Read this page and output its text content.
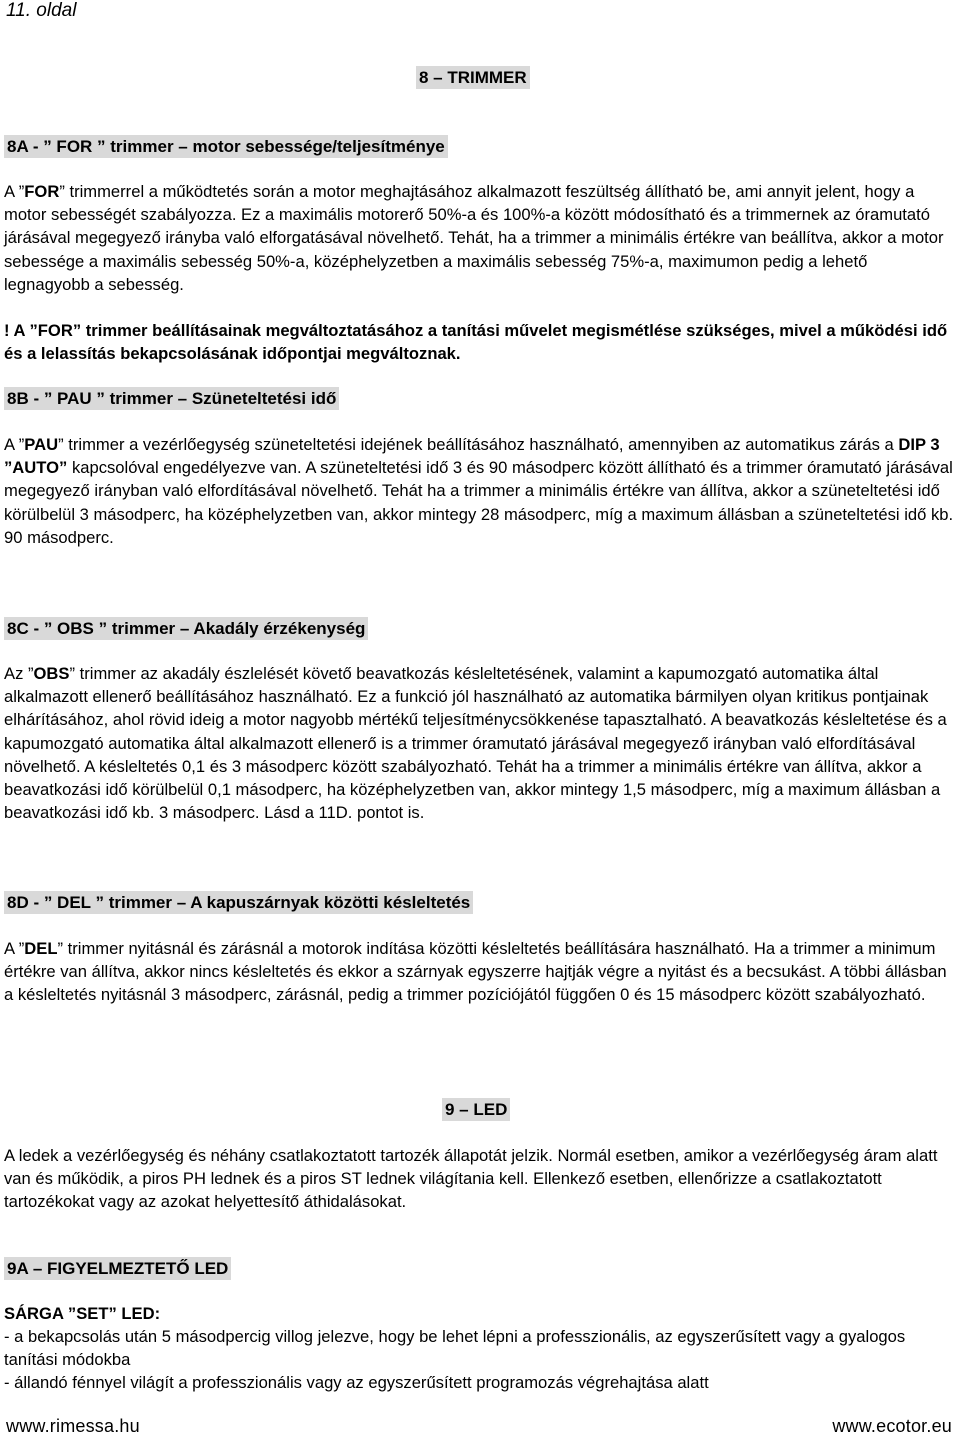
11. oldal
8 – TRIMMER
8A - ” FOR ” trimmer – motor sebessége/teljesítménye
A ”FOR” trimmerrel a működtetés során a motor meghajtásához alkalmazott feszültség állítható be, ami annyit jelent, hogy a motor sebességét szabályozza. Ez a maximális motorerő 50%-a és 100%-a között módosítható és a trimmernek az óramutató járásával megegyező irányba való elforgatásával növelhető. Tehát, ha a trimmer a minimális értékre van beállítva, akkor a motor sebessége a maximális sebesség 50%-a, középhelyzetben a maximális sebesség 75%-a, maximumon pedig a lehető legnagyobb a sebesség.
! A ”FOR” trimmer beállításainak megváltoztatásához a tanítási művelet megismétlése szükséges, mivel a működési idő és a lelassítás bekapcsolásának időpontjai megváltoznak.
8B - ” PAU ” trimmer – Szüneteltetési idő
A ”PAU” trimmer a vezérlőegység szüneteltetési idejének beállításához használható, amennyiben az automatikus zárás a DIP 3 ”AUTO” kapcsolóval engedélyezve van. A szüneteltetési idő 3 és 90 másodperc között állítható és a trimmer óramutató járásával megegyező irányban való elfordításával növelhető. Tehát ha a trimmer a minimális értékre van állítva, akkor a szüneteltetési idő körülbelül 3 másodperc, ha középhelyzetben van, akkor mintegy 28 másodperc, míg a maximum állásban a szüneteltetési idő kb. 90 másodperc.
8C - ” OBS ” trimmer – Akadály érzékenység
Az ”OBS” trimmer az akadály észlelését követő beavatkozás késleltetésének, valamint a kapumozgató automatika által alkalmazott ellenerő beállításához használható. Ez a funkció jól használható az automatika bármilyen olyan kritikus pontjainak elhárításához, ahol rövid ideig a motor nagyobb mértékű teljesítménycsökkenése tapasztalható. A beavatkozás késleltetése és a kapumozgató automatika által alkalmazott ellenerő is a trimmer óramutató járásával megegyező irányban való elfordításával növelhető. A késleltetés 0,1 és 3 másodperc között szabályozható. Tehát ha a trimmer a minimális értékre van állítva, akkor a beavatkozási idő körülbelül 0,1 másodperc, ha középhelyzetben van, akkor mintegy 1,5 másodperc, míg a maximum állásban a beavatkozási idő kb. 3 másodperc. Lásd a 11D. pontot is.
8D - ” DEL ” trimmer – A kapuszárnyak közötti késleltetés
A ”DEL” trimmer nyitásnál és zárásnál a motorok indítása közötti késleltetés beállítására használható. Ha a trimmer a minimum értékre van állítva, akkor nincs késleltetés és ekkor a szárnyak egyszerre hajtják végre a nyitást és a becsukást. A többi állásban a késleltetés nyitásnál 3 másodperc, zárásnál, pedig a trimmer pozíciójától függően 0 és 15 másodperc között szabályozható.
9 – LED
A ledek a vezérlőegység és néhány csatlakoztatott tartozék állapotát jelzik. Normál esetben, amikor a vezérlőegység áram alatt van és működik, a piros PH lednek és a piros ST lednek világítania kell. Ellenkező esetben, ellenőrizze a csatlakoztatott tartozékokat vagy az azokat helyettesítő áthidalásokat.
9A – FIGYELMEZTETŐ LED
SÁRGA ”SET” LED:
- a bekapcsolás után 5 másodpercig villog jelezve, hogy be lehet lépni a professzionális, az egyszerűsített vagy a gyalogos tanítási módokba
- állandó fénnyel világít a professzionális vagy az egyszerűsített programozás végrehajtása alatt
www.rimessa.hu	www.ecotor.eu
